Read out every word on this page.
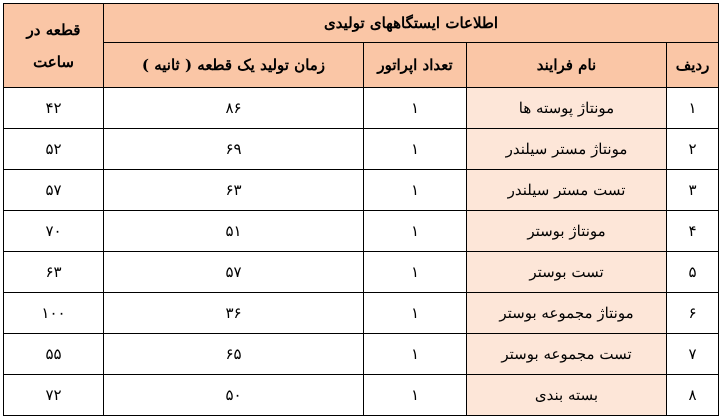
قطعه در
ساعت	اطلاعات ایستگاههای تولیدی			
	زمان تولید یک قطعه ( ثانیه )	تعداد اپراتور	نام فرایند	ردیف
۴۲	۸۶	۱	مونتاژ پوسته ها	۱
۵۲	۶۹	۱	مونتاژ مستر سیلندر	۲
۵۷	۶۳	۱	تست مستر سیلندر	۳
۷۰	۵۱	۱	مونتاژ بوستر	۴
۶۳	۵۷	۱	تست بوستر	۵
۱۰۰	۳۶	۱	مونتاژ مجموعه بوستر	۶
۵۵	۶۵	۱	تست مجموعه بوستر	۷
۷۲	۵۰	۱	بسته بندی	۸
